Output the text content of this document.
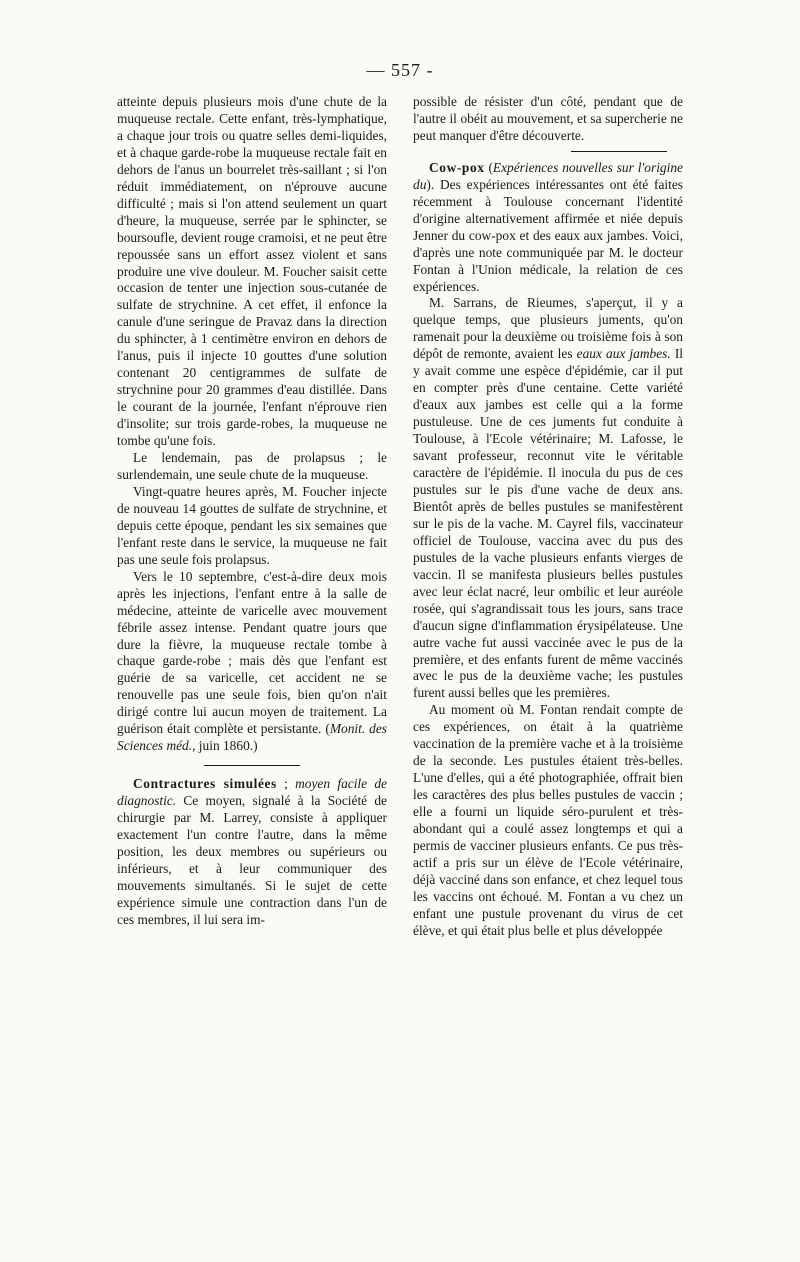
— 557 -

atteinte depuis plusieurs mois d'une chute de la muqueuse rectale. Cette enfant, très-lymphatique, a chaque jour trois ou quatre selles demi-liquides, et à chaque garde-robe la muqueuse rectale fait en dehors de l'anus un bourrelet très-saillant ; si l'on réduit immédiatement, on n'éprouve aucune difficulté ; mais si l'on attend seulement un quart d'heure, la muqueuse, serrée par le sphincter, se boursoufle, devient rouge cramoisi, et ne peut être repoussée sans un effort assez violent et sans produire une vive douleur. M. Foucher saisit cette occasion de tenter une injection sous-cutanée de sulfate de strychnine. A cet effet, il enfonce la canule d'une seringue de Pravaz dans la direction du sphincter, à 1 centimètre environ en dehors de l'anus, puis il injecte 10 gouttes d'une solution contenant 20 centigrammes de sulfate de strychnine pour 20 grammes d'eau distillée. Dans le courant de la journée, l'enfant n'éprouve rien d'insolite; sur trois garde-robes, la muqueuse ne tombe qu'une fois.

Le lendemain, pas de prolapsus ; le surlendemain, une seule chute de la muqueuse.

Vingt-quatre heures après, M. Foucher injecte de nouveau 14 gouttes de sulfate de strychnine, et depuis cette époque, pendant les six semaines que l'enfant reste dans le service, la muqueuse ne fait pas une seule fois prolapsus.

Vers le 10 septembre, c'est-à-dire deux mois après les injections, l'enfant entre à la salle de médecine, atteinte de varicelle avec mouvement fébrile assez intense. Pendant quatre jours que dure la fièvre, la muqueuse rectale tombe à chaque garde-robe ; mais dès que l'enfant est guérie de sa varicelle, cet accident ne se renouvelle pas une seule fois, bien qu'on n'ait dirigé contre lui aucun moyen de traitement. La guérison était complète et persistante. (Monit. des Sciences méd., juin 1860.)

Contractures simulées ; moyen facile de diagnostic. Ce moyen, signalé à la Société de chirurgie par M. Larrey, consiste à appliquer exactement l'un contre l'autre, dans la même position, les deux membres ou supérieurs ou inférieurs, et à leur communiquer des mouvements simultanés. Si le sujet de cette expérience simule une contraction dans l'un de ces membres, il lui sera im-

possible de résister d'un côté, pendant que de l'autre il obéit au mouvement, et sa supercherie ne peut manquer d'être découverte.

Cow-pox (Expériences nouvelles sur l'origine du). Des expériences intéressantes ont été faites récemment à Toulouse concernant l'identité d'origine alternativement affirmée et niée depuis Jenner du cow-pox et des eaux aux jambes. Voici, d'après une note communiquée par M. le docteur Fontan à l'Union médicale, la relation de ces expériences.

M. Sarrans, de Rieumes, s'aperçut, il y a quelque temps, que plusieurs juments, qu'on ramenait pour la deuxième ou troisième fois à son dépôt de remonte, avaient les eaux aux jambes. Il y avait comme une espèce d'épidémie, car il put en compter près d'une centaine. Cette variété d'eaux aux jambes est celle qui a la forme pustuleuse. Une de ces juments fut conduite à Toulouse, à l'Ecole vétérinaire; M. Lafosse, le savant professeur, reconnut vite le véritable caractère de l'épidémie. Il inocula du pus de ces pustules sur le pis d'une vache de deux ans. Bientôt après de belles pustules se manifestèrent sur le pis de la vache. M. Cayrel fils, vaccinateur officiel de Toulouse, vaccina avec du pus des pustules de la vache plusieurs enfants vierges de vaccin. Il se manifesta plusieurs belles pustules avec leur éclat nacré, leur ombilic et leur auréole rosée, qui s'agrandissait tous les jours, sans trace d'aucun signe d'inflammation érysipélateuse. Une autre vache fut aussi vaccinée avec le pus de la première, et des enfants furent de même vaccinés avec le pus de la deuxième vache; les pustules furent aussi belles que les premières.

Au moment où M. Fontan rendait compte de ces expériences, on était à la quatrième vaccination de la première vache et à la troisième de la seconde. Les pustules étaient très-belles. L'une d'elles, qui a été photographiée, offrait bien les caractères des plus belles pustules de vaccin ; elle a fourni un liquide séro-purulent et très-abondant qui a coulé assez longtemps et qui a permis de vacciner plusieurs enfants. Ce pus très-actif a pris sur un élève de l'Ecole vétérinaire, déjà vacciné dans son enfance, et chez lequel tous les vaccins ont échoué. M. Fontan a vu chez un enfant une pustule provenant du virus de cet élève, et qui était plus belle et plus développée
